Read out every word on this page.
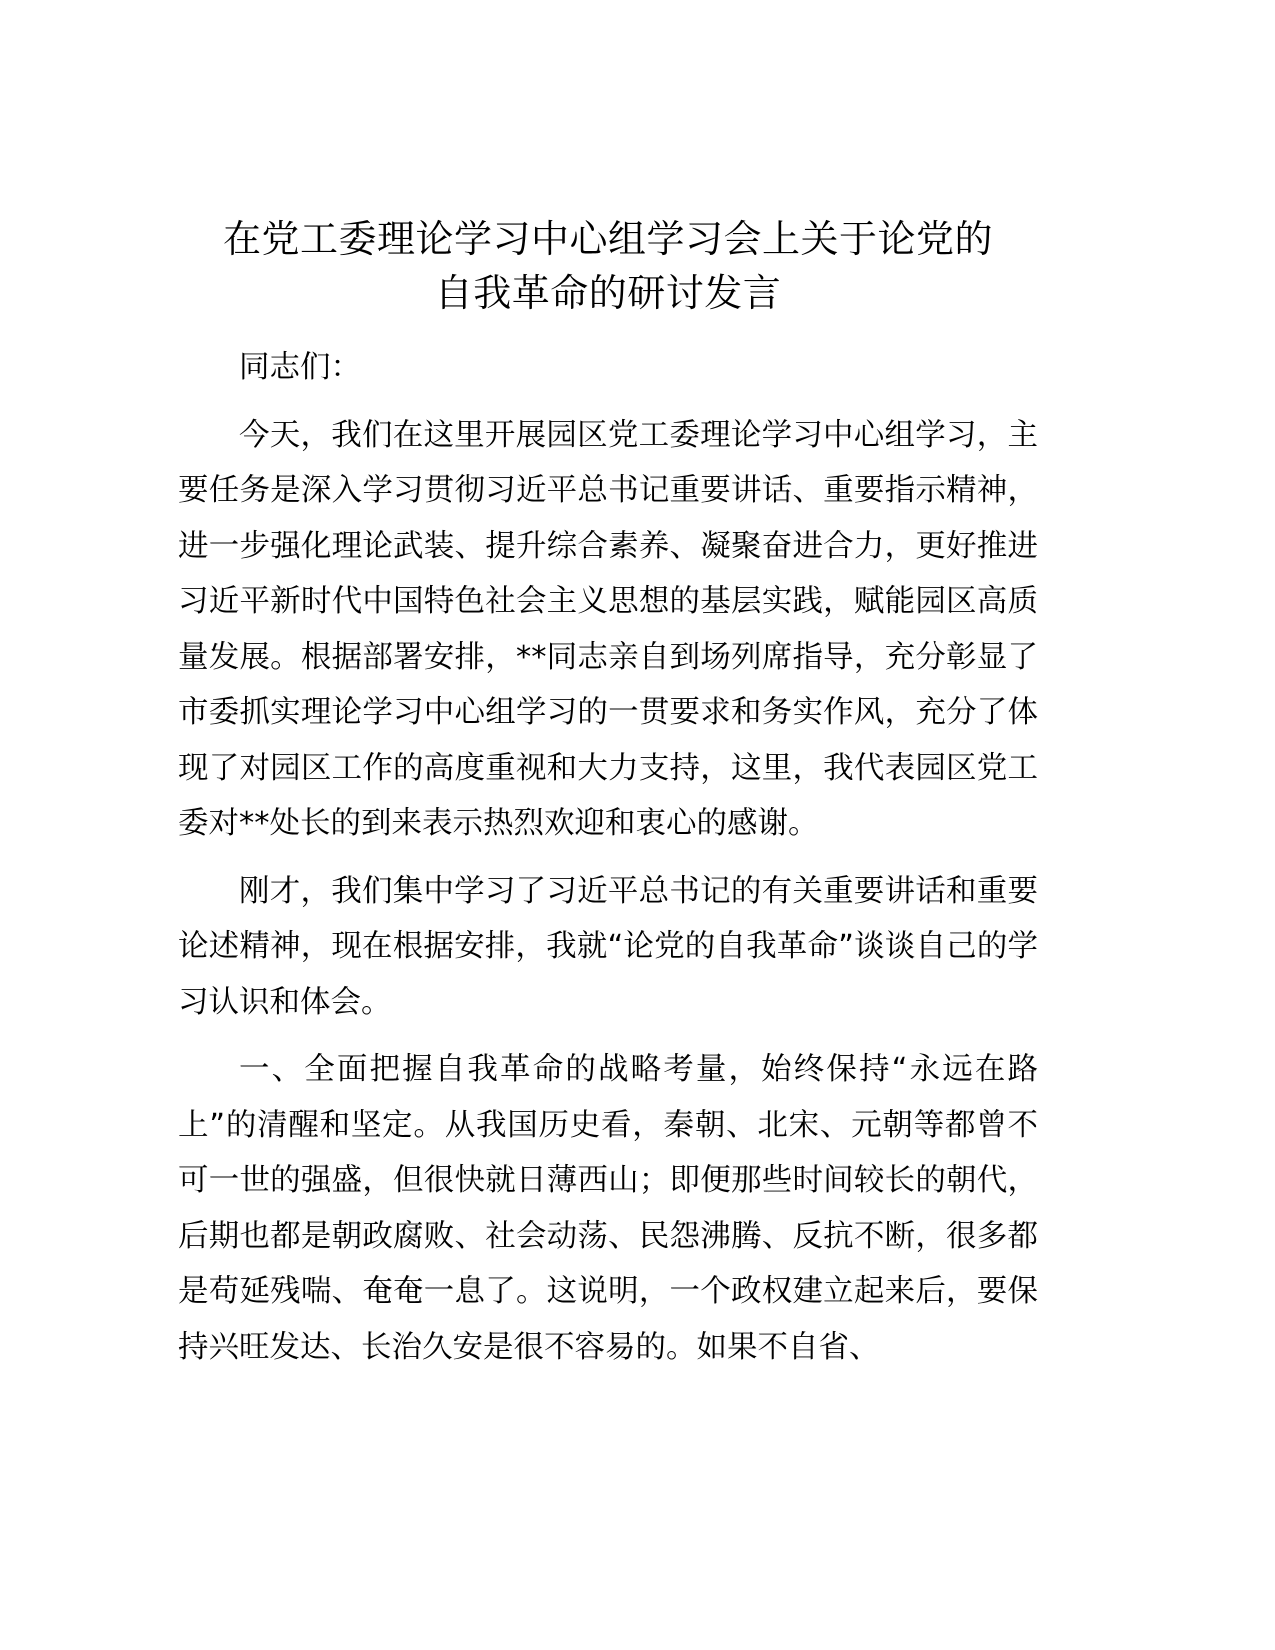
在党工委理论学习中心组学习会上关于论党的
自我革命的研讨发言

同志们：

今天，我们在这里开展园区党工委理论学习中心组学习，主要任务是深入学习贯彻习近平总书记重要讲话、重要指示精神，进一步强化理论武装、提升综合素养、凝聚奋进合力，更好推进习近平新时代中国特色社会主义思想的基层实践，赋能园区高质量发展。根据部署安排，**同志亲自到场列席指导，充分彰显了市委抓实理论学习中心组学习的一贯要求和务实作风，充分了体现了对园区工作的高度重视和大力支持，这里，我代表园区党工委对**处长的到来表示热烈欢迎和衷心的感谢。

刚才，我们集中学习了习近平总书记的有关重要讲话和重要论述精神，现在根据安排，我就“论党的自我革命”谈谈自己的学习认识和体会。

一、全面把握自我革命的战略考量，始终保持“永远在路上”的清醒和坚定。从我国历史看，秦朝、北宋、元朝等都曾不可一世的强盛，但很快就日薄西山；即便那些时间较长的朝代，后期也都是朝政腐败、社会动荡、民怨沸腾、反抗不断，很多都是苟延残喘、奄奄一息了。这说明，一个政权建立起来后，要保持兴旺发达、长治久安是很不容易的。如果不自省、
